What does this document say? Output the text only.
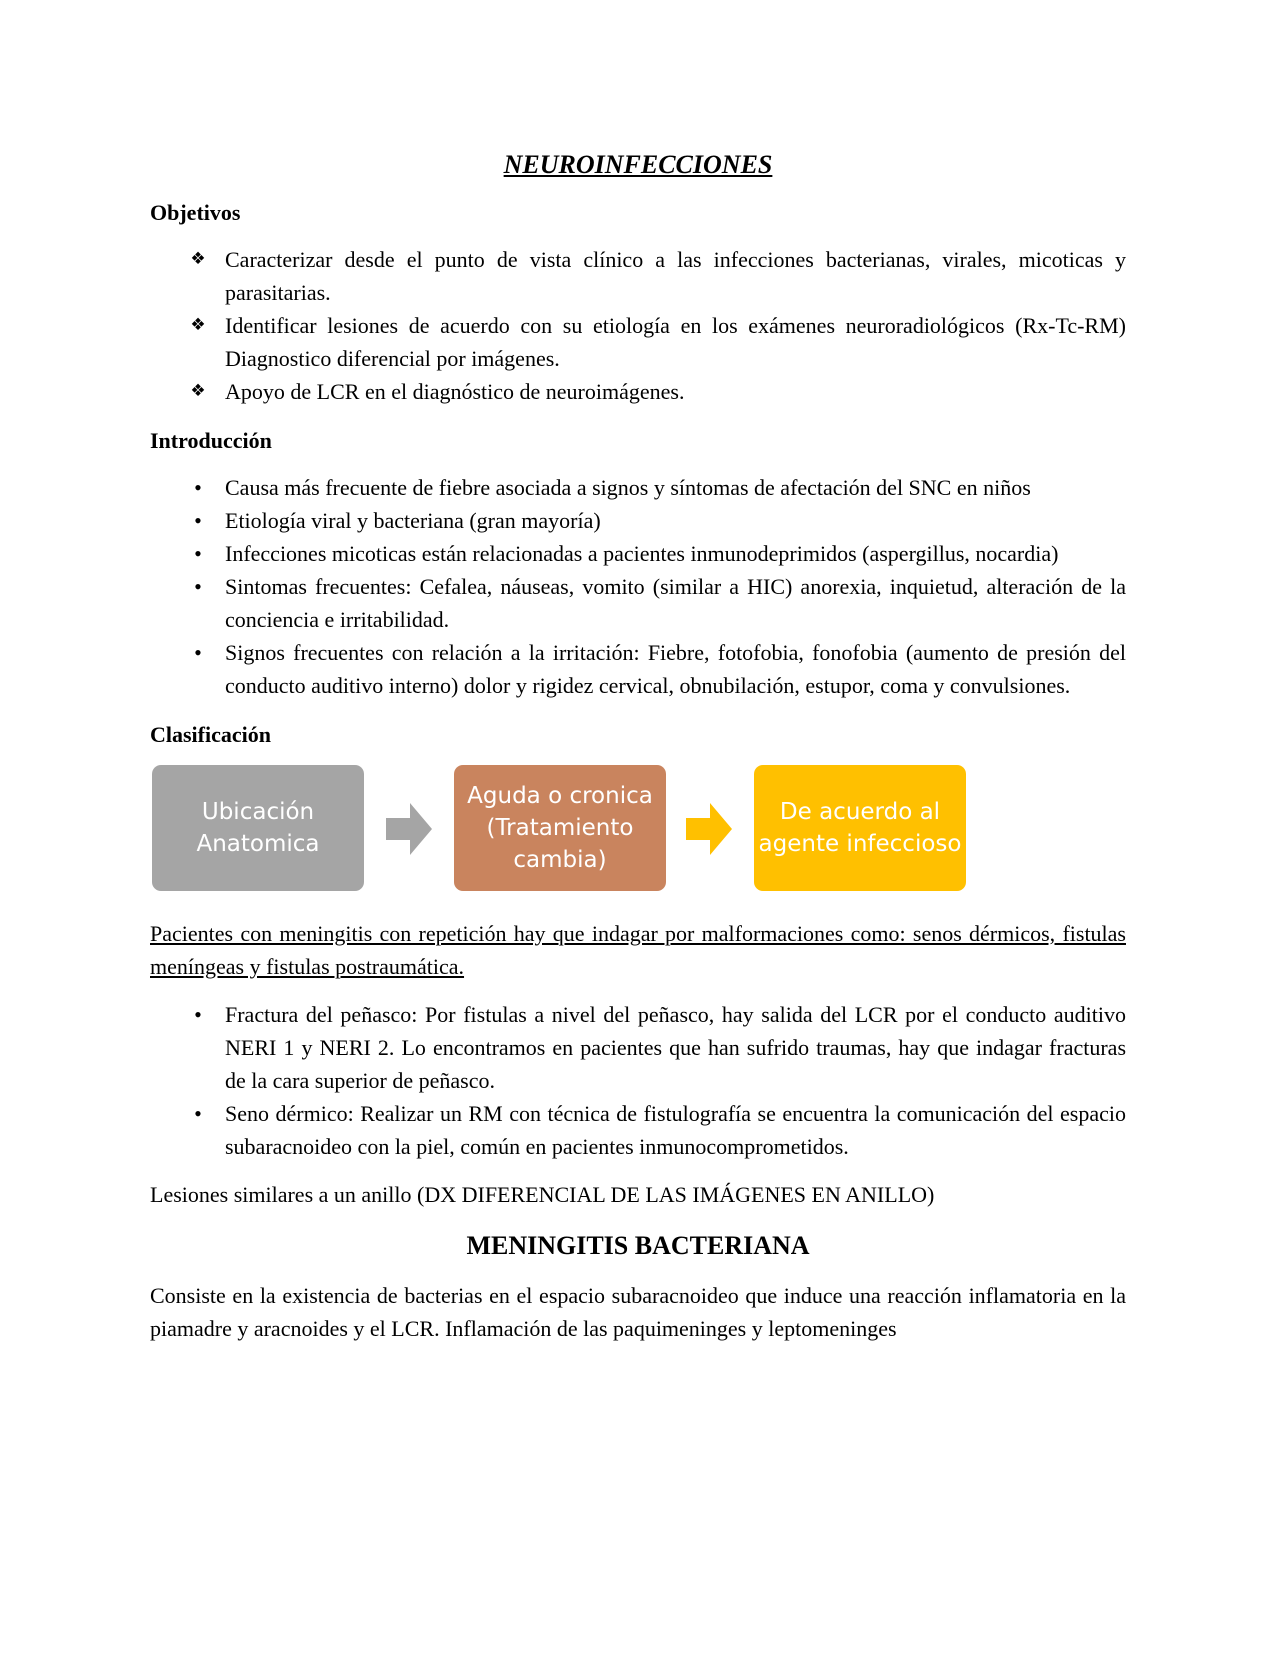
NEUROINFECCIONES
Objetivos
❖ Caracterizar desde el punto de vista clínico a las infecciones bacterianas, virales, micoticas y parasitarias.
❖ Identificar lesiones de acuerdo con su etiología en los exámenes neuroradiológicos (Rx-Tc-RM) Diagnostico diferencial por imágenes.
❖ Apoyo de LCR en el diagnóstico de neuroimágenes.
Introducción
•	Causa más frecuente de fiebre asociada a signos y síntomas de afectación del SNC en niños
•	Etiología viral y bacteriana (gran mayoría)
•	Infecciones micoticas están relacionadas a pacientes inmunodeprimidos (aspergillus, nocardia)
•	Sintomas frecuentes: Cefalea, náuseas, vomito (similar a HIC) anorexia, inquietud, alteración de la conciencia e irritabilidad.
•	Signos frecuentes con relación a la irritación: Fiebre, fotofobia, fonofobia (aumento de presión del conducto auditivo interno) dolor y rigidez cervical, obnubilación, estupor, coma y convulsiones.
Clasificación
Ubicación Anatomica
Aguda o cronica (Tratamiento cambia)
De acuerdo al agente infeccioso

Pacientes con meningitis con repetición hay que indagar por malformaciones como: senos dérmicos, fistulas meníngeas y fistulas postraumática.

•	Fractura del peñasco: Por fistulas a nivel del peñasco, hay salida del LCR por el conducto auditivo NERI 1 y NERI 2. Lo encontramos en pacientes que han sufrido traumas, hay que indagar fracturas de la cara superior de peñasco.
•	Seno dérmico: Realizar un RM con técnica de fistulografía se encuentra la comunicación del espacio subaracnoideo con la piel, común en pacientes inmunocomprometidos.

Lesiones similares a un anillo (DX DIFERENCIAL DE LAS IMÁGENES EN ANILLO)

MENINGITIS BACTERIANA

Consiste en la existencia de bacterias en el espacio subaracnoideo que induce una reacción inflamatoria en la piamadre y aracnoides y el LCR. Inflamación de las paquimeninges y leptomeninges
